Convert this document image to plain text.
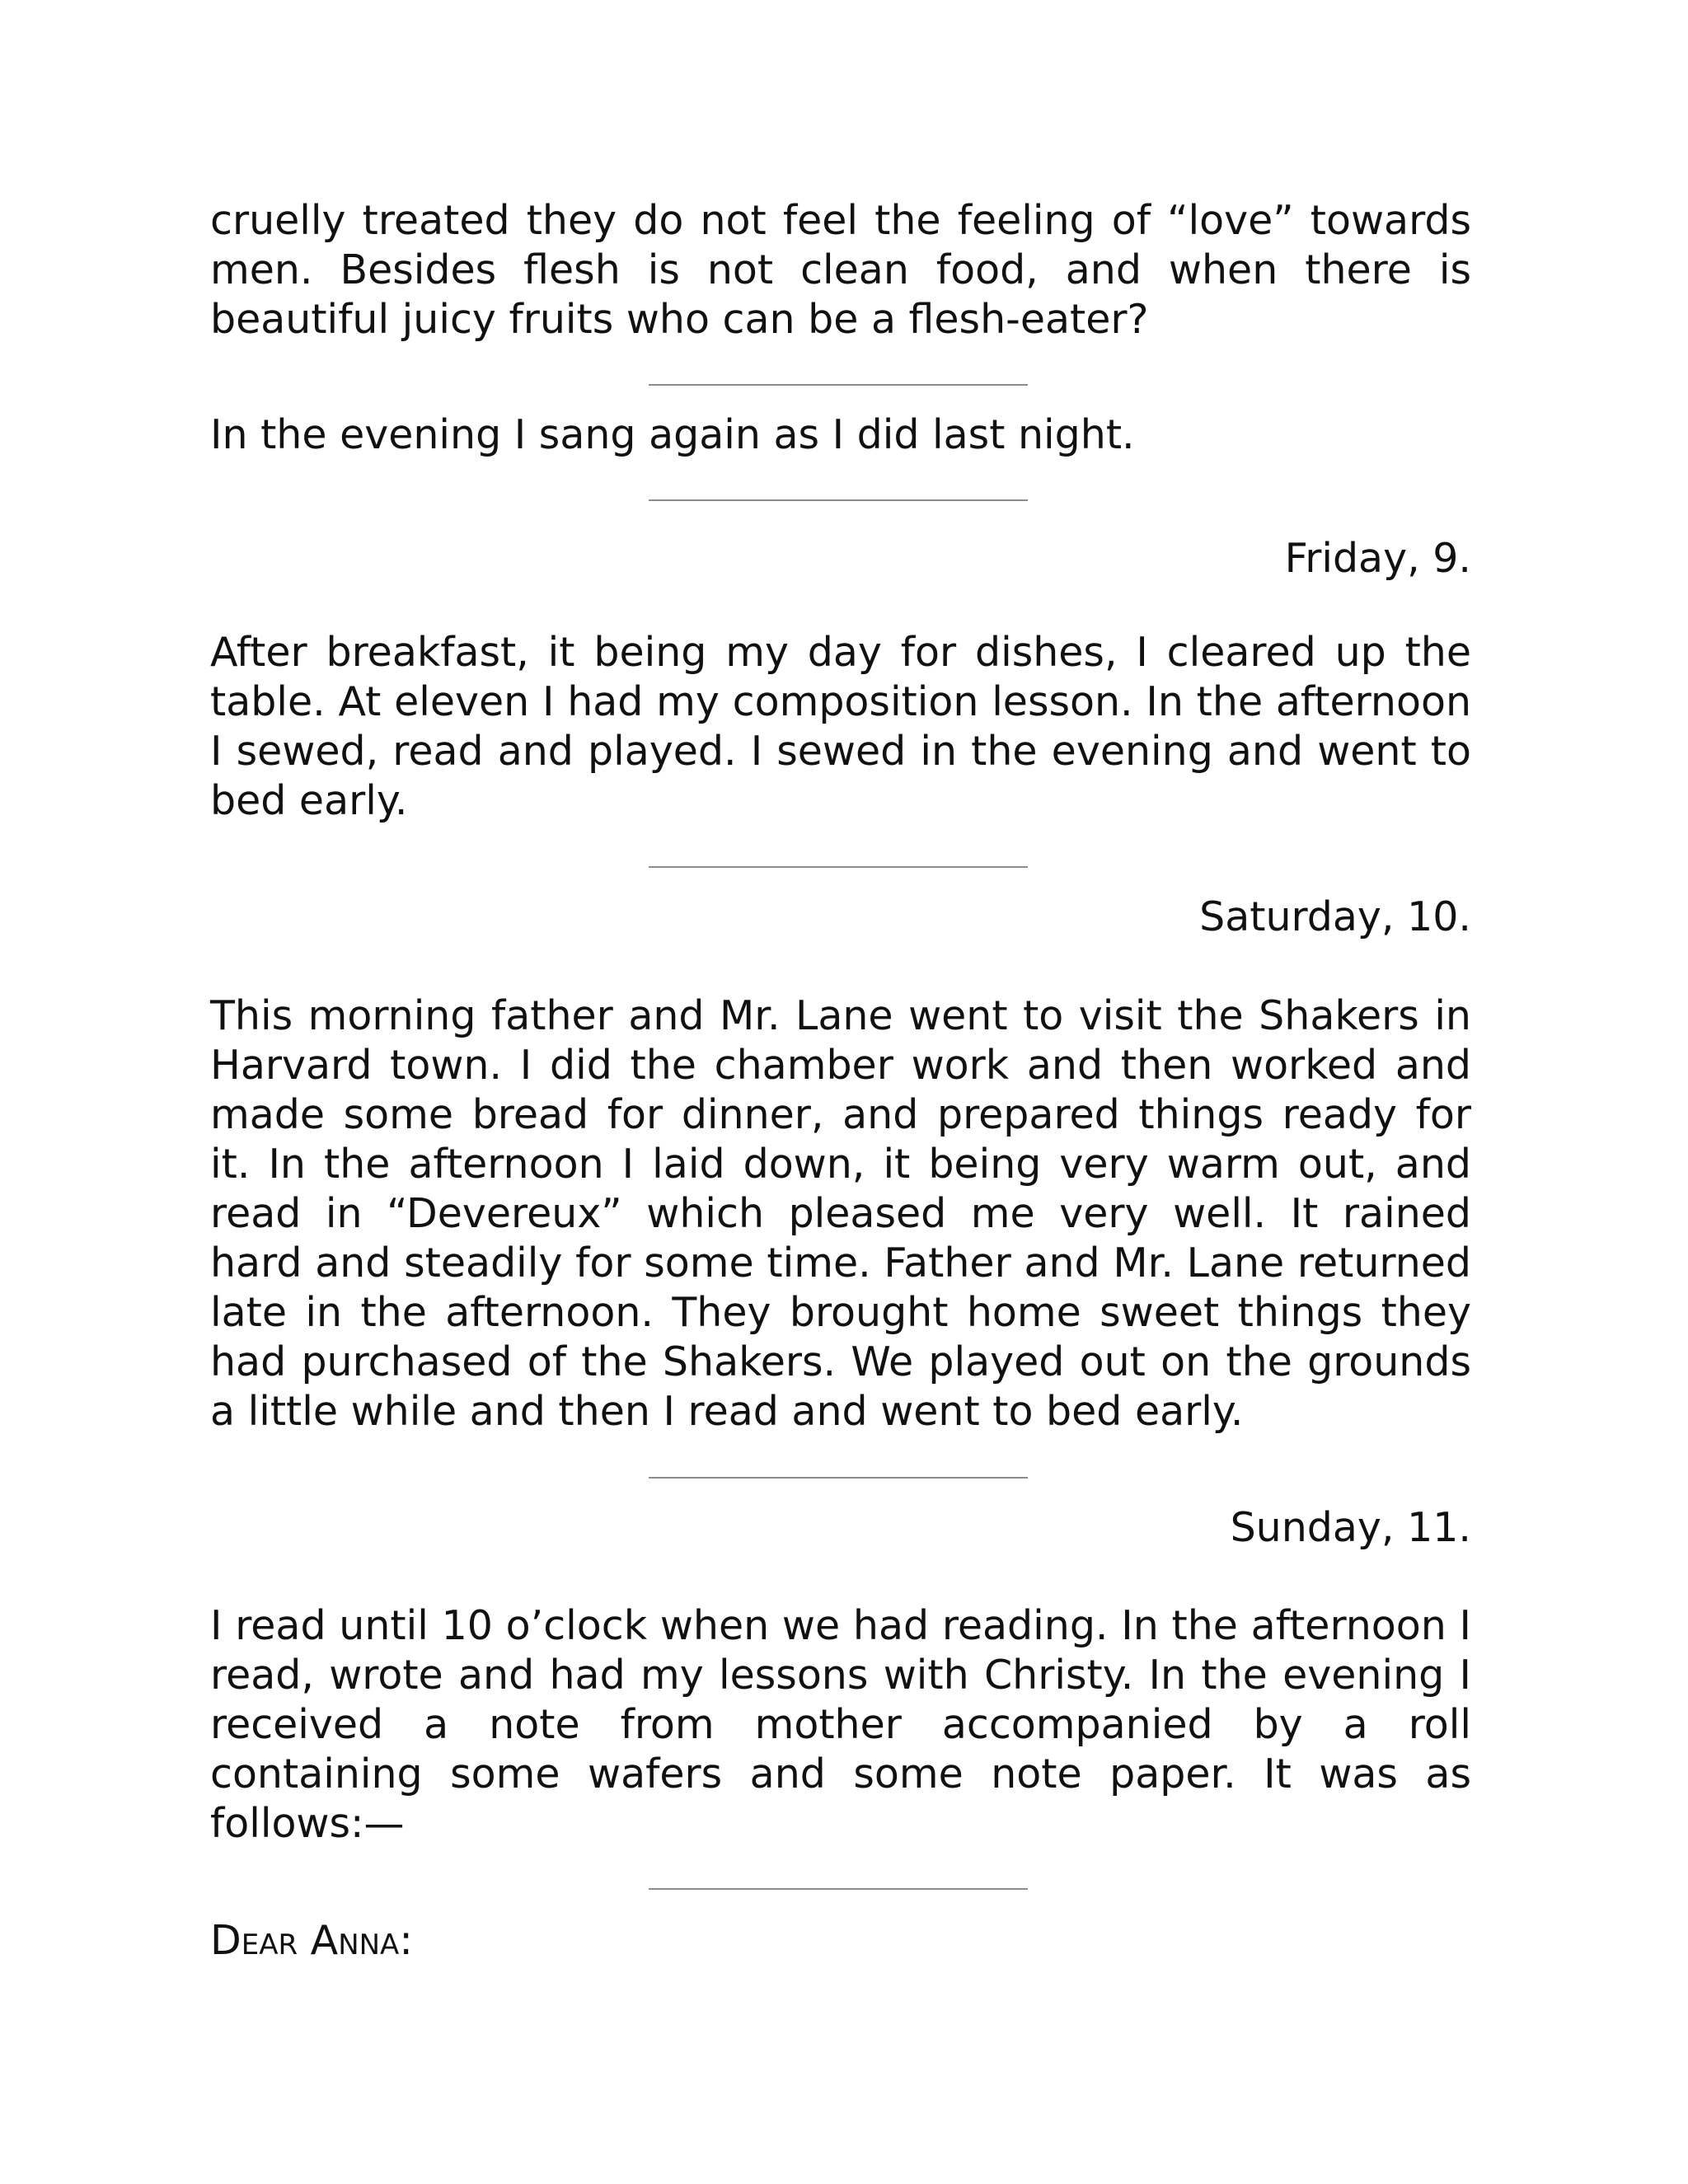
cruelly treated they do not feel the feeling of “love” towards men. Besides flesh is not clean food, and when there is beautiful juicy fruits who can be a flesh-eater?

In the evening I sang again as I did last night.

Friday, 9.

After breakfast, it being my day for dishes, I cleared up the table. At eleven I had my composition lesson. In the afternoon I sewed, read and played. I sewed in the evening and went to bed early.

Saturday, 10.

This morning father and Mr. Lane went to visit the Shakers in Harvard town. I did the chamber work and then worked and made some bread for dinner, and prepared things ready for it. In the afternoon I laid down, it being very warm out, and read in “Devereux” which pleased me very well. It rained hard and steadily for some time. Father and Mr. Lane returned late in the afternoon. They brought home sweet things they had purchased of the Shakers. We played out on the grounds a little while and then I read and went to bed early.

Sunday, 11.

I read until 10 o’clock when we had reading. In the afternoon I read, wrote and had my lessons with Christy. In the evening I received a note from mother accompanied by a roll containing some wafers and some note paper. It was as follows:—

Dear Anna:
